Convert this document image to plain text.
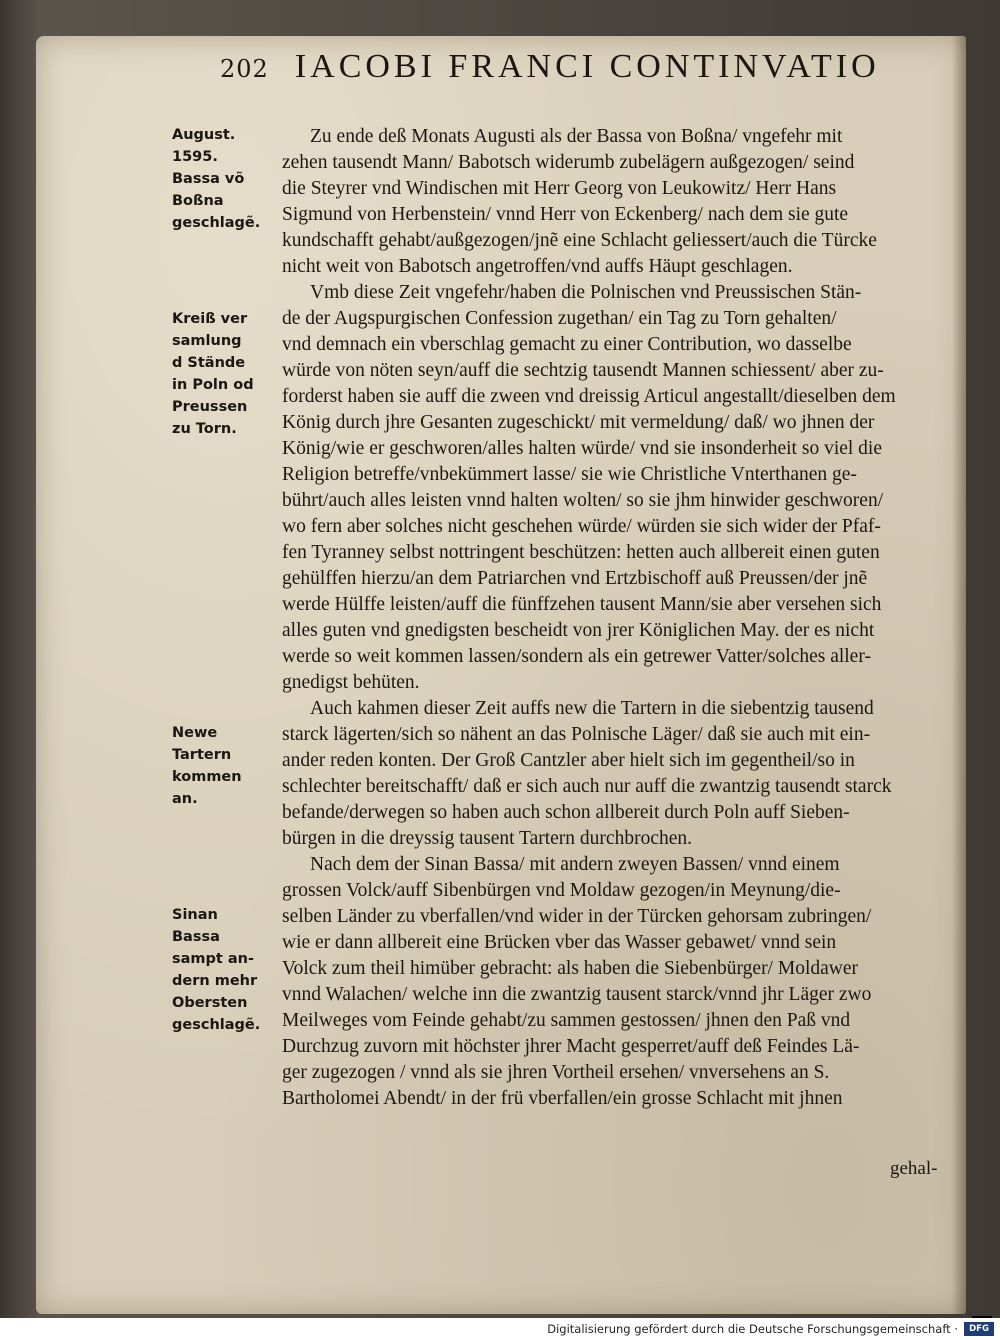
202 IACOBI FRANCI CONTINVATIO
August.
1595.
Bassa võ
Boßna
geschlagẽ.
Kreiß ver
samlung
d Stände
in Poln od
Preussen
zu Torn.
Newe
Tartern
kommen
an.
Sinan
Bassa
sampt an-
dern mehr
Obersten
geschlagẽ.
Zu ende deß Monats Augusti als der Bassa von Boßna/ vngefehr mit
zehen tausendt Mann/ Babotsch widerumb zubelägern außgezogen/ seind
die Steyrer vnd Windischen mit Herr Georg von Leukowitz/ Herr Hans
Sigmund von Herbenstein/ vnnd Herr von Eckenberg/ nach dem sie gute
kundschafft gehabt/außgezogen/jnẽ eine Schlacht geliessert/auch die Türcke
nicht weit von Babotsch angetroffen/vnd auffs Häupt geschlagen.
Vmb diese Zeit vngefehr/haben die Polnischen vnd Preussischen Stän-
de der Augspurgischen Confession zugethan/ ein Tag zu Torn gehalten/
vnd demnach ein vberschlag gemacht zu einer Contribution, wo dasselbe
würde von nöten seyn/auff die sechtzig tausendt Mannen schiessent/ aber zu-
forderst haben sie auff die zween vnd dreissig Articul angestallt/dieselben dem
König durch jhre Gesanten zugeschickt/ mit vermeldung/ daß/ wo jhnen der
König/wie er geschworen/alles halten würde/ vnd sie insonderheit so viel die
Religion betreffe/vnbekümmert lasse/ sie wie Christliche Vnterthanen ge-
bührt/auch alles leisten vnnd halten wolten/ so sie jhm hinwider geschworen/
wo fern aber solches nicht geschehen würde/ würden sie sich wider der Pfaf-
fen Tyranney selbst nottringent beschützen: hetten auch allbereit einen guten
gehülffen hierzu/an dem Patriarchen vnd Ertzbischoff auß Preussen/der jnẽ
werde Hülffe leisten/auff die fünffzehen tausent Mann/sie aber versehen sich
alles guten vnd gnedigsten bescheidt von jrer Königlichen May. der es nicht
werde so weit kommen lassen/sondern als ein getrewer Vatter/solches aller-
gnedigst behüten.
Auch kahmen dieser Zeit auffs new die Tartern in die siebentzig tausend
starck lägerten/sich so nähent an das Polnische Läger/ daß sie auch mit ein-
ander reden konten. Der Groß Cantzler aber hielt sich im gegentheil/so in
schlechter bereitschafft/ daß er sich auch nur auff die zwantzig tausendt starck
befande/derwegen so haben auch schon allbereit durch Poln auff Sieben-
bürgen in die dreyssig tausent Tartern durchbrochen.
Nach dem der Sinan Bassa/ mit andern zweyen Bassen/ vnnd einem
grossen Volck/auff Sibenbürgen vnd Moldaw gezogen/in Meynung/die-
selben Länder zu vberfallen/vnd wider in der Türcken gehorsam zubringen/
wie er dann allbereit eine Brücken vber das Wasser gebawet/ vnnd sein
Volck zum theil himüber gebracht: als haben die Siebenbürger/ Moldawer
vnnd Walachen/ welche inn die zwantzig tausent starck/vnnd jhr Läger zwo
Meilweges vom Feinde gehabt/zu sammen gestossen/ jhnen den Paß vnd
Durchzug zuvorn mit höchster jhrer Macht gesperret/auff deß Feindes Lä-
ger zugezogen / vnnd als sie jhren Vortheil ersehen/ vnversehens an S.
Bartholomei Abendt/ in der frü vberfallen/ein grosse Schlacht mit jhnen
gehal-
Digitalisierung gefördert durch die Deutsche Forschungsgemeinschaft ·	DFG
